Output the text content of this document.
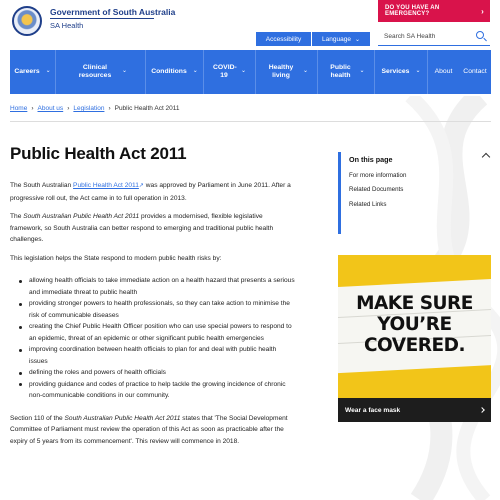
Government of South Australia
SA Health
DO YOU HAVE AN EMERGENCY?	›
Accessibility	Language ⌄	Search SA Health
Careers ⌄
Clinical resources
⌄	Conditions ⌄
COVID-19
⌄
Healthy living
⌄
Public health
⌄ Services ⌄ About Contact
Home › About us › Legislation › Public Health Act 2011
Public Health Act 2011

The South Australian Public Health Act 2011↗ was approved by Parliament in June 2011. After a progressive roll out, the Act came in to full operation in 2013.

The South Australian Public Health Act 2011 provides a modernised, flexible legislative framework, so South Australia can better respond to emerging and traditional public health challenges.

This legislation helps the State respond to modern public health risks by:

allowing health officials to take immediate action on a health hazard that presents a serious and immediate threat to public health
providing stronger powers to health professionals, so they can take action to minimise the risk of communicable diseases
creating the Chief Public Health Officer position who can use special powers to respond to an epidemic, threat of an epidemic or other significant public health emergencies
improving coordination between health officials to plan for and deal with public health issues
defining the roles and powers of health officials
providing guidance and codes of practice to help tackle the growing incidence of chronic non-communicable conditions in our community.

Section 110 of the South Australian Public Health Act 2011 states that 'The Social Development Committee of Parliament must review the operation of this Act as soon as practicable after the expiry of 5 years from its commencement'. This review will commence in 2018.

On this page
For more information
Related Documents
Related Links
MAKE SURE
YOU’RE
COVERED.
Wear a face mask
